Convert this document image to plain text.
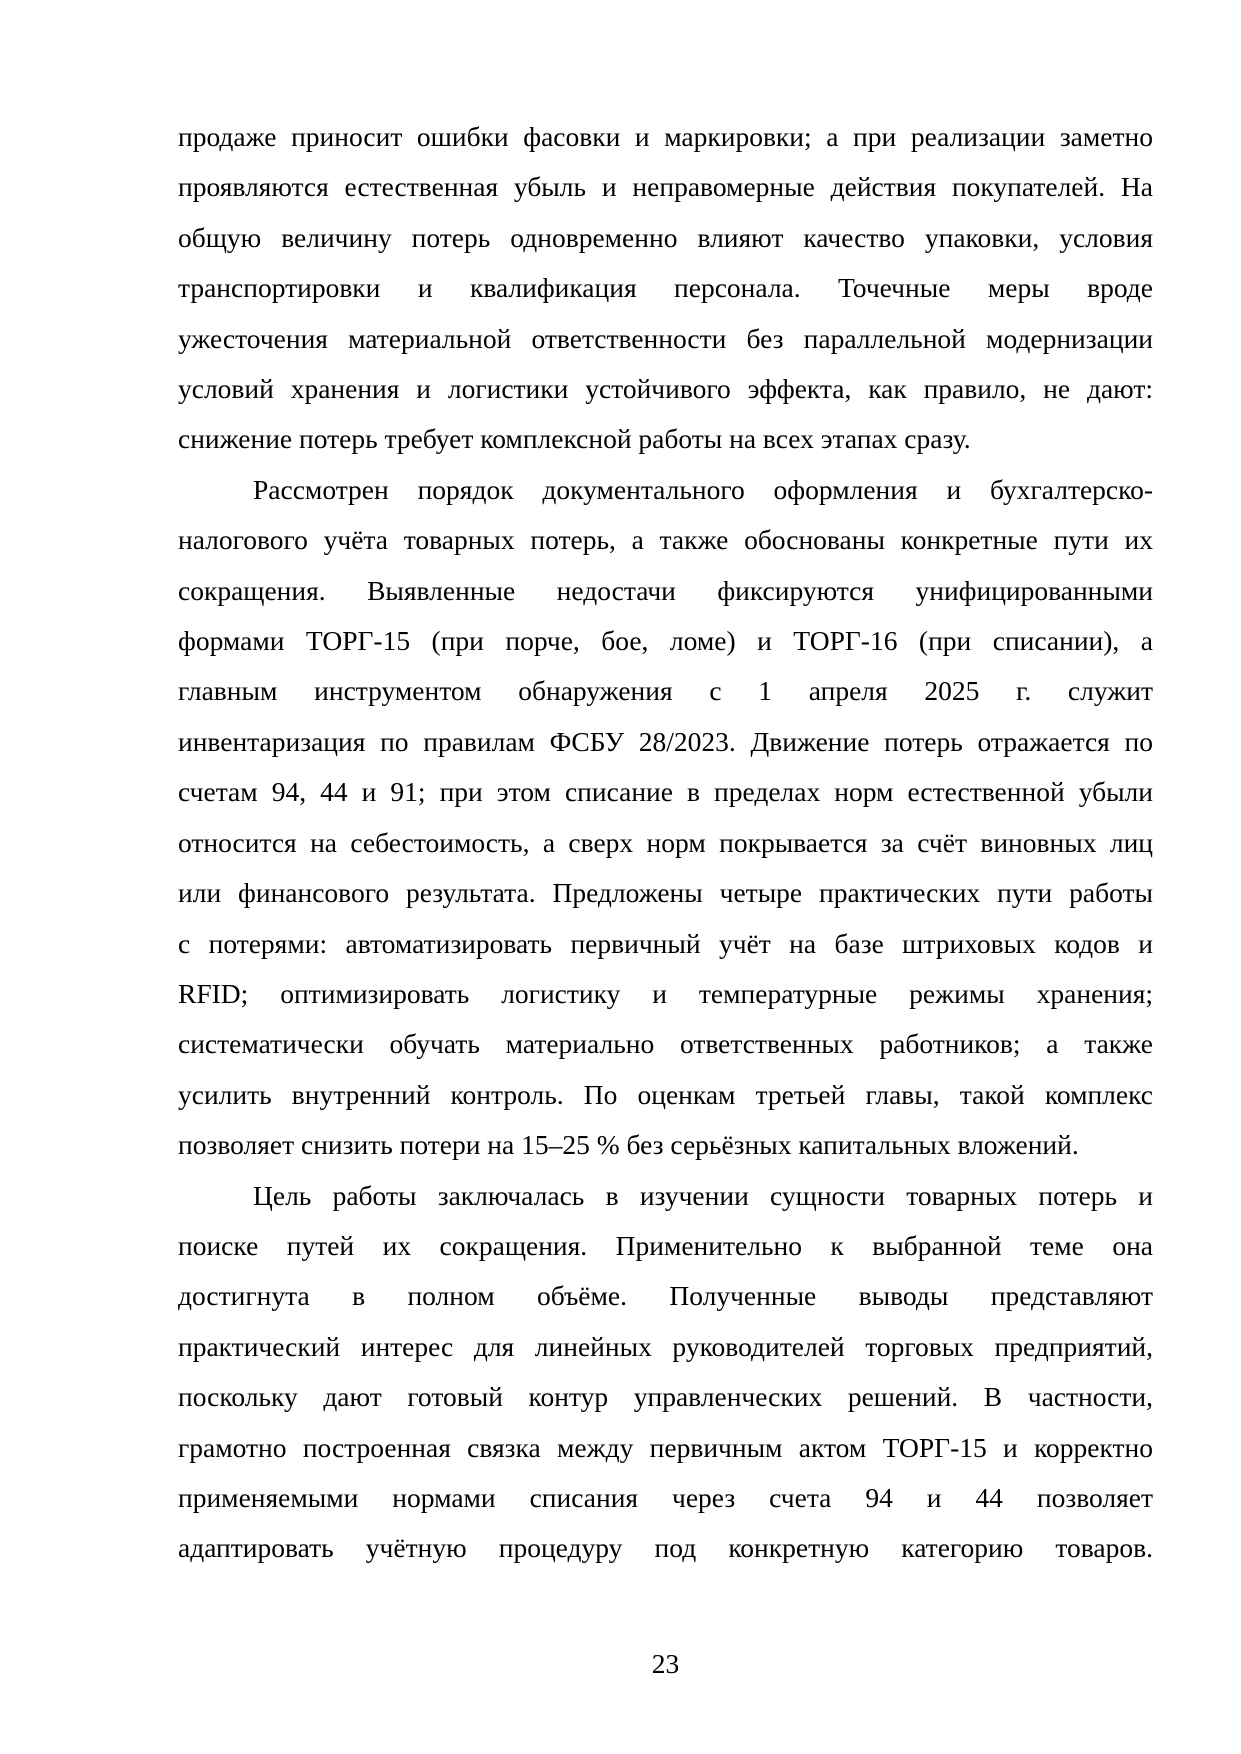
продаже приносит ошибки фасовки и маркировки; а при реализации заметно
проявляются естественная убыль и неправомерные действия покупателей. На
общую величину потерь одновременно влияют качество упаковки, условия
транспортировки и квалификация персонала. Точечные меры вроде
ужесточения материальной ответственности без параллельной модернизации
условий хранения и логистики устойчивого эффекта, как правило, не дают:
снижение потерь требует комплексной работы на всех этапах сразу.

Рассмотрен порядок документального оформления и бухгалтерско-
налогового учёта товарных потерь, а также обоснованы конкретные пути их
сокращения. Выявленные недостачи фиксируются унифицированными
формами ТОРГ-15 (при порче, бое, ломе) и ТОРГ-16 (при списании), а
главным инструментом обнаружения с 1 апреля 2025 г. служит
инвентаризация по правилам ФСБУ 28/2023. Движение потерь отражается по
счетам 94, 44 и 91; при этом списание в пределах норм естественной убыли
относится на себестоимость, а сверх норм покрывается за счёт виновных лиц
или финансового результата. Предложены четыре практических пути работы
с потерями: автоматизировать первичный учёт на базе штриховых кодов и
RFID; оптимизировать логистику и температурные режимы хранения;
систематически обучать материально ответственных работников; а также
усилить внутренний контроль. По оценкам третьей главы, такой комплекс
позволяет снизить потери на 15–25 % без серьёзных капитальных вложений.

Цель работы заключалась в изучении сущности товарных потерь и
поиске путей их сокращения. Применительно к выбранной теме она
достигнута в полном объёме. Полученные выводы представляют
практический интерес для линейных руководителей торговых предприятий,
поскольку дают готовый контур управленческих решений. В частности,
грамотно построенная связка между первичным актом ТОРГ-15 и корректно
применяемыми нормами списания через счета 94 и 44 позволяет
адаптировать учётную процедуру под конкретную категорию товаров.

23
